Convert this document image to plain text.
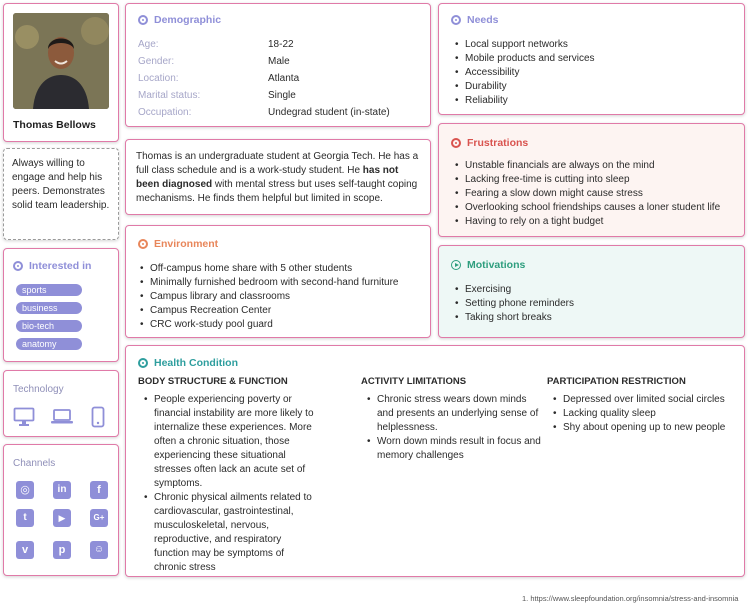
Thomas Bellows
Demographic
Age:	18-22
Gender:	Male
Location:	Atlanta
Marital status:	Single
Occupation:	Undegrad student (in-state)
Always willing to engage and help his peers. Demonstrates solid team leadership.

Thomas is an undergraduate student at Georgia Tech. He has a full class schedule and is a work-study student. He has not been diagnosed with mental stress but uses self-taught coping mechanisms. He finds them helpful but limited in scope.

Interested in
sports
business
bio-tech
anatomy
Environment
• Off-campus home share with 5 other students
• Minimally furnished bedroom with second-hand furniture
• Campus library and classrooms
• Campus Recreation Center
• CRC work-study pool guard
Needs
• Local support networks
• Mobile products and services
• Accessibility
• Durability
• Reliability
Frustrations
• Unstable financials are always on the mind
• Lacking free-time is cutting into sleep
• Fearing a slow down might cause stress
• Overlooking school friendships causes a loner student life
• Having to rely on a tight budget
Motivations
• Exercising
• Setting phone reminders
• Taking short breaks
Technology
Channels
◎	in	f
t	▶	G+
v	p	☺
Health Condition
BODY STRUCTURE & FUNCTION
• People experiencing poverty or financial instability are more likely to internalize these experiences. More often a chronic situation, those experiencing these situational stresses often lack an acute set of symptoms.
• Chronic physical ailments related to cardiovascular, gastrointestinal, musculoskeletal, nervous, reproductive, and respiratory function may be symptoms of chronic stress
ACTIVITY LIMITATIONS
• Chronic stress wears down minds and presents an underlying sense of helplessness.
• Worn down minds result in focus and memory challenges
PARTICIPATION RESTRICTION
• Depressed over limited social circles
• Lacking quality sleep
• Shy about opening up to new people
1. https://www.sleepfoundation.org/insomnia/stress-and-insomnia
